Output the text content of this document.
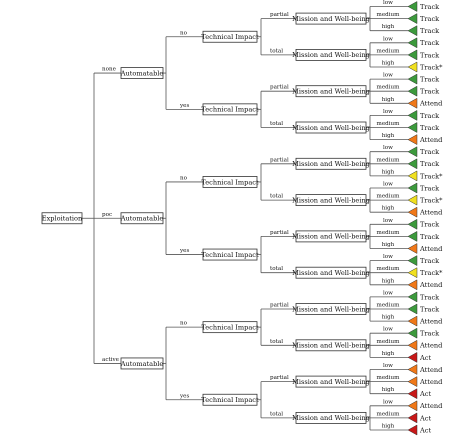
none
poc
active
no
yes
no
yes
no
yes
partial
total
partial
total
partial
total
partial
total
partial
total
partial
total
low
medium
high
low
medium
high
low
medium
high
low
medium
high
low
medium
high
low
medium
high
low
medium
high
low
medium
high
low
medium
high
low
medium
high
low
medium
high
low
medium
high
Exploitation
Automatable
Automatable
Automatable
Technical Impact
Technical Impact
Technical Impact
Technical Impact
Technical Impact
Technical Impact
Mission and Well-being
Mission and Well-being
Mission and Well-being
Mission and Well-being
Mission and Well-being
Mission and Well-being
Mission and Well-being
Mission and Well-being
Mission and Well-being
Mission and Well-being
Mission and Well-being
Mission and Well-being
Track
Track
Track
Track
Track
Track*
Track
Track
Attend
Track
Track
Attend
Track
Track
Track*
Track
Track*
Attend
Track
Track
Attend
Track
Track*
Attend
Track
Track
Attend
Track
Attend
Act
Attend
Attend
Act
Attend
Act
Act
